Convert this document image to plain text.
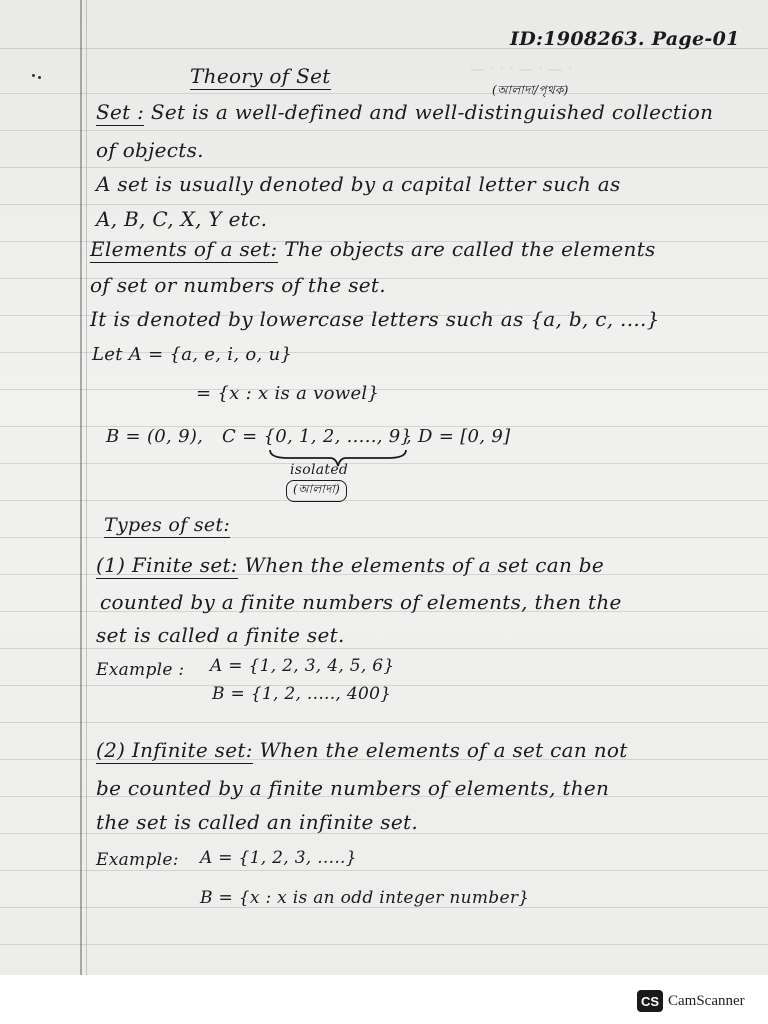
— · · · — · — ·
ID:1908263. Page-01
Theory of Set
(আলাদা/পৃথক)
Set : Set is a well-defined and well-distinguished collection
of objects.
A set is usually denoted by a capital letter such as
A, B, C, X, Y etc.
Elements of a set: The objects are called the elements
of set or numbers of the set.
It is denoted by lowercase letters such as {a, b, c, ....}
Let A = {a, e, i, o, u}
= {x : x is a vowel}
B = (0, 9), C = {0, 1, 2, ....., 9}
, D = [0, 9]
isolated
(আলাদা)
Types of set:
(1) Finite set: When the elements of a set can be
counted by a finite numbers of elements, then the
set is called a finite set.
Example : A = {1, 2, 3, 4, 5, 6}
B = {1, 2, ....., 400}
(2) Infinite set: When the elements of a set can not
be counted by a finite numbers of elements, then
the set is called an infinite set.
Example: A = {1, 2, 3, .....}
B = {x : x is an odd integer number}
CS CamScanner
